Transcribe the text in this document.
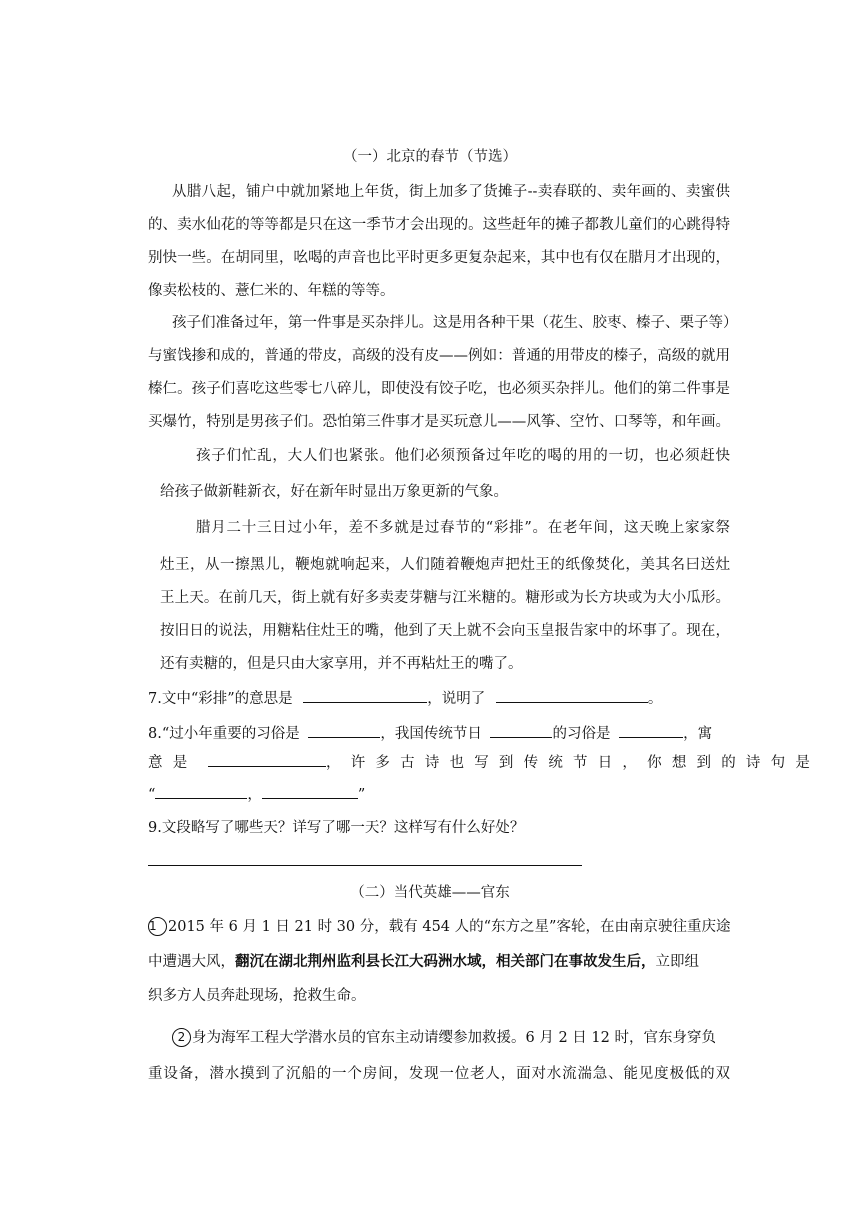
（一）北京的春节（节选）
从腊八起，铺户中就加紧地上年货，街上加多了货摊子--卖春联的、卖年画的、卖蜜供
的、卖水仙花的等等都是只在这一季节才会出现的。这些赶年的摊子都教儿童们的心跳得特
别快一些。在胡同里，吆喝的声音也比平时更多更复杂起来，其中也有仅在腊月才出现的，
像卖松枝的、薏仁米的、年糕的等等。
孩子们准备过年，第一件事是买杂拌儿。这是用各种干果（花生、胶枣、榛子、栗子等）
与蜜饯掺和成的，普通的带皮，高级的没有皮——例如：普通的用带皮的榛子，高级的就用
榛仁。孩子们喜吃这些零七八碎儿，即使没有饺子吃，也必须买杂拌儿。他们的第二件事是
买爆竹，特别是男孩子们。恐怕第三件事才是买玩意儿——风筝、空竹、口琴等，和年画。
孩子们忙乱，大人们也紧张。他们必须预备过年吃的喝的用的一切，也必须赶快
给孩子做新鞋新衣，好在新年时显出万象更新的气象。
腊月二十三日过小年，差不多就是过春节的“彩排”。在老年间，这天晚上家家祭
灶王，从一擦黑儿，鞭炮就响起来，人们随着鞭炮声把灶王的纸像焚化，美其名曰送灶
王上天。在前几天，街上就有好多卖麦芽糖与江米糖的。糖形或为长方块或为大小瓜形。
按旧日的说法，用糖粘住灶王的嘴，他到了天上就不会向玉皇报告家中的坏事了。现在，
还有卖糖的，但是只由大家享用，并不再粘灶王的嘴了。
7.文中“彩排”的意思是	，说明了	。
8.“过小年重要的习俗是	，我国传统节日	的习俗是	，寓
意是	，许多古诗也写到传统节日，你想到的诗句是
“	，	”
9.文段略写了哪些天？详写了哪一天？这样写有什么好处？
（二）当代英雄——官东
1 2015 年 6 月 1 日 21 时 30 分，载有 454 人的“东方之星”客轮，在由南京驶往重庆途
中遭遇大风，翻沉在湖北荆州监利县长江大码洲水域，相关部门在事故发生后，立即组
织多方人员奔赴现场，抢救生命。
2 身为海军工程大学潜水员的官东主动请缨参加救援。6 月 2 日 12 时，官东身穿负
重设备，潜水摸到了沉船的一个房间，发现一位老人，面对水流湍急、能见度极低的双
